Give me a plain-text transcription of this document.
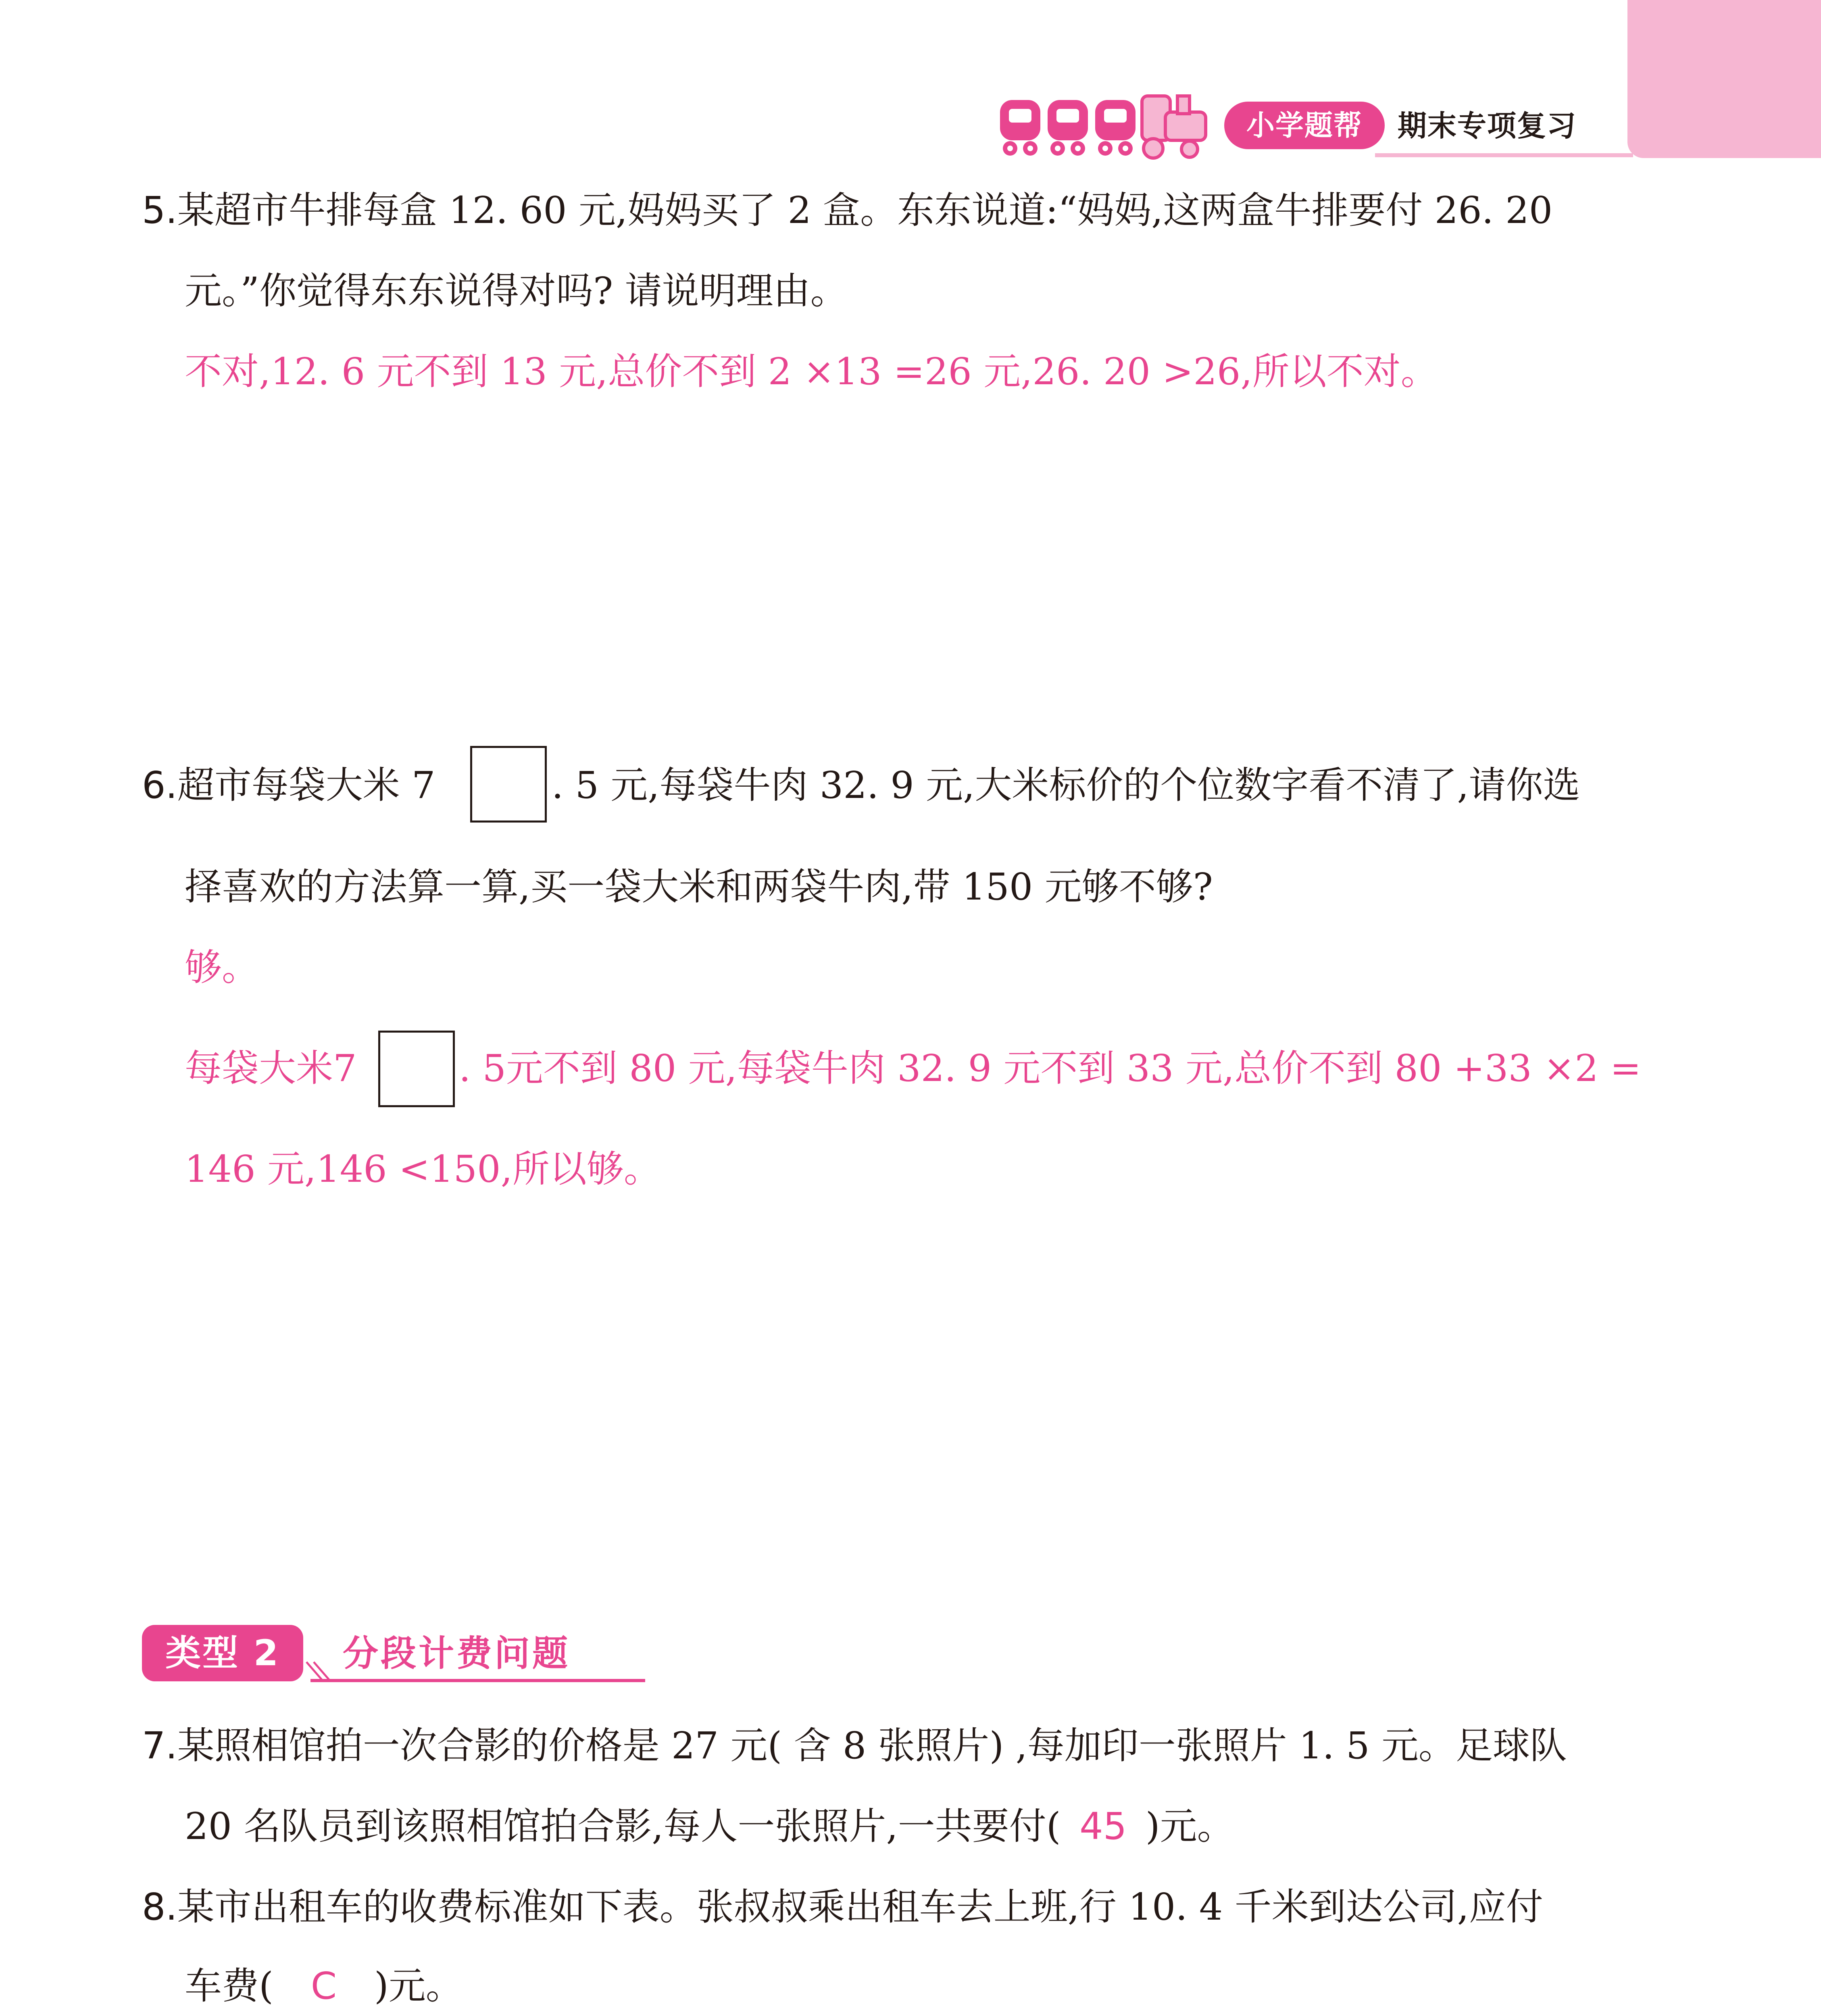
小学题帮	期末专项复习
5.某超市牛排每盒 12. 60 元,妈妈买了 2 盒。东东说道:“妈妈,这两盒牛排要付 26. 20
元。”你觉得东东说得对吗? 请说明理由。
不对,12. 6 元不到 13 元,总价不到 2 ×13 =26 元,26. 20 >26,所以不对。
6.超市每袋大米 7	. 5 元,每袋牛肉 32. 9 元,大米标价的个位数字看不清了,请你选
择喜欢的方法算一算,买一袋大米和两袋牛肉,带 150 元够不够?
够。
每袋大米7	. 5元不到 80 元,每袋牛肉 32. 9 元不到 33 元,总价不到 80 +33 ×2 =
146 元,146 <150,所以够。
类型 2	分段计费问题
7.某照相馆拍一次合影的价格是 27 元( 含 8 张照片) ,每加印一张照片 1. 5 元。足球队
20 名队员到该照相馆拍合影,每人一张照片,一共要付( 45 )元。
8.某市出租车的收费标准如下表。张叔叔乘出租车去上班,行 10. 4 千米到达公司,应付
车费( C )元。
